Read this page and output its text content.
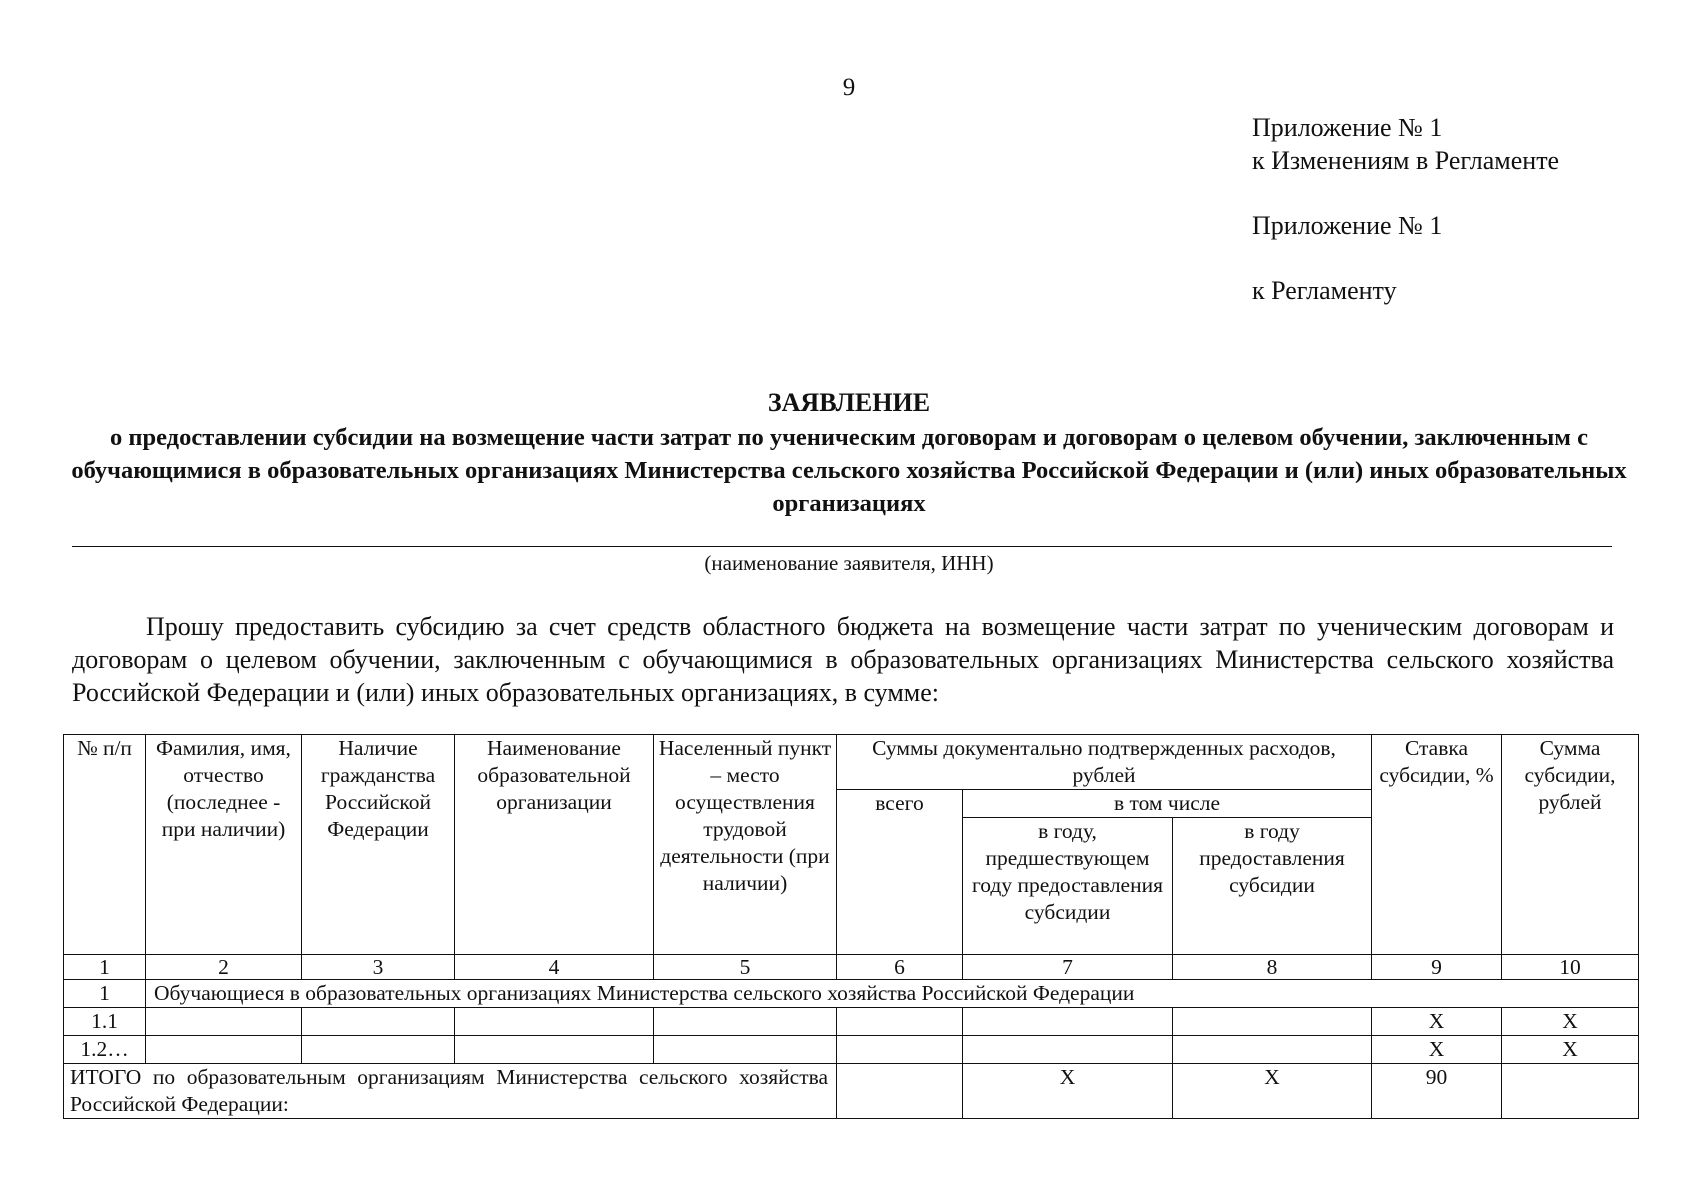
9
Приложение № 1
к Изменениям в Регламенте
Приложение № 1
к Регламенту
ЗАЯВЛЕНИЕ
о предоставлении субсидии на возмещение части затрат по ученическим договорам и договорам о целевом обучении, заключенным с обучающимися в образовательных организациях Министерства сельского хозяйства Российской Федерации и (или) иных образовательных организациях
(наименование заявителя, ИНН)
Прошу предоставить субсидию за счет средств областного бюджета на возмещение части затрат по ученическим договорам и договорам о целевом обучении, заключенным с обучающимися в образовательных организациях Министерства сельского хозяйства Российской Федерации и (или) иных образовательных организациях, в сумме:
№ п/п	Фамилия, имя, отчество (последнее - при наличии)	Наличие гражданства Российской Федерации	Наименование образовательной организации	Населенный пункт – место осуществления трудовой деятельности (при наличии)	Суммы документально подтвержденных расходов, рублей			Ставка субсидии, %	Сумма субсидии, рублей
					всего	в том числе			
						в году, предшествующем году предоставления субсидии	в году предоставления субсидии		
1	2	3	4	5	6	7	8	9	10
1	Обучающиеся в образовательных организациях Министерства сельского хозяйства Российской Федерации								
1.1								Х	Х
1.2…								Х	Х
ИТОГО по образовательным организациям Министерства сельского хозяйства Российской Федерации:						Х	Х	90	
